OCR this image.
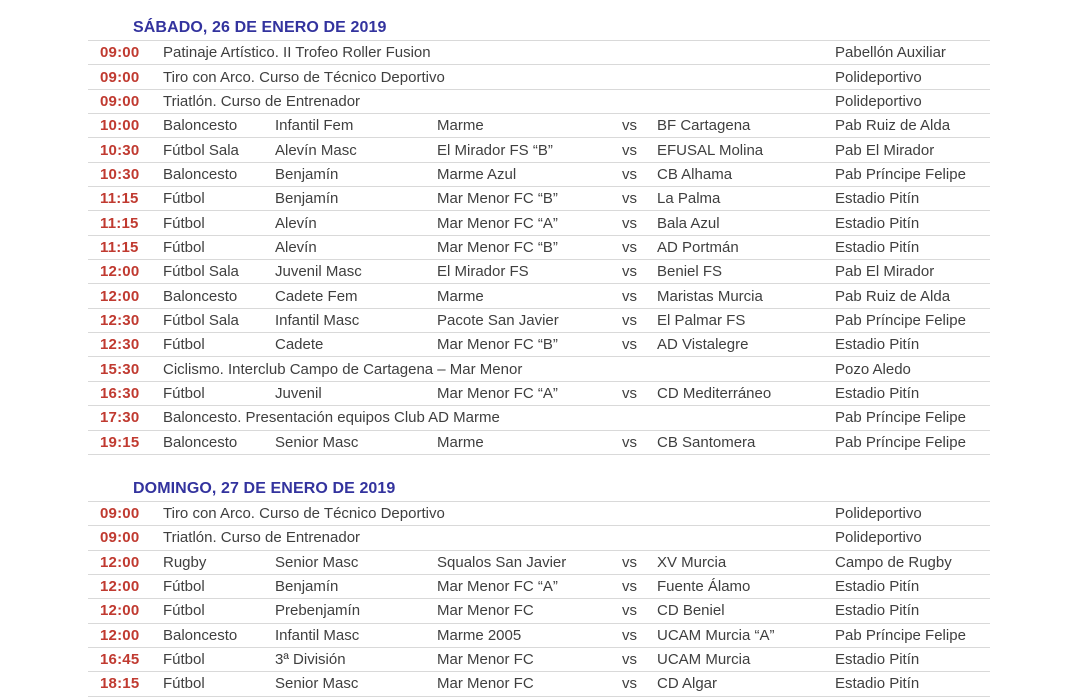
SÁBADO, 26 DE ENERO DE 2019
09:00	Patinaje Artístico. II Trofeo Roller Fusion	Pabellón Auxiliar
09:00	Tiro con Arco. Curso de Técnico Deportivo	Polideportivo
09:00	Triatlón. Curso de Entrenador	Polideportivo
10:00	Baloncesto	Infantil Fem	Marme	vs	BF Cartagena	Pab Ruiz de Alda
10:30	Fútbol Sala	Alevín Masc	El Mirador FS “B”	vs	EFUSAL Molina	Pab El Mirador
10:30	Baloncesto	Benjamín	Marme Azul	vs	CB Alhama	Pab Príncipe Felipe
11:15	Fútbol	Benjamín	Mar Menor FC “B”	vs	La Palma	Estadio Pitín
11:15	Fútbol	Alevín	Mar Menor FC “A”	vs	Bala Azul	Estadio Pitín
11:15	Fútbol	Alevín	Mar Menor FC “B”	vs	AD Portmán	Estadio Pitín
12:00	Fútbol Sala	Juvenil Masc	El Mirador FS	vs	Beniel FS	Pab El Mirador
12:00	Baloncesto	Cadete Fem	Marme	vs	Maristas Murcia	Pab Ruiz de Alda
12:30	Fútbol Sala	Infantil Masc	Pacote San Javier	vs	El Palmar FS	Pab Príncipe Felipe
12:30	Fútbol	Cadete	Mar Menor FC “B”	vs	AD Vistalegre	Estadio Pitín
15:30	Ciclismo. Interclub Campo de Cartagena – Mar Menor	Pozo Aledo
16:30	Fútbol	Juvenil	Mar Menor FC “A”	vs	CD Mediterráneo	Estadio Pitín
17:30	Baloncesto. Presentación equipos Club AD Marme	Pab Príncipe Felipe
19:15	Baloncesto	Senior Masc	Marme	vs	CB Santomera	Pab Príncipe Felipe
DOMINGO, 27 DE ENERO DE 2019
09:00	Tiro con Arco. Curso de Técnico Deportivo	Polideportivo
09:00	Triatlón. Curso de Entrenador	Polideportivo
12:00	Rugby	Senior Masc	Squalos San Javier	vs	XV Murcia	Campo de Rugby
12:00	Fútbol	Benjamín	Mar Menor FC “A”	vs	Fuente Álamo	Estadio Pitín
12:00	Fútbol	Prebenjamín	Mar Menor FC	vs	CD Beniel	Estadio Pitín
12:00	Baloncesto	Infantil Masc	Marme 2005	vs	UCAM Murcia “A”	Pab Príncipe Felipe
16:45	Fútbol	3ª División	Mar Menor FC	vs	UCAM Murcia	Estadio Pitín
18:15	Fútbol	Senior Masc	Mar Menor FC	vs	CD Algar	Estadio Pitín
